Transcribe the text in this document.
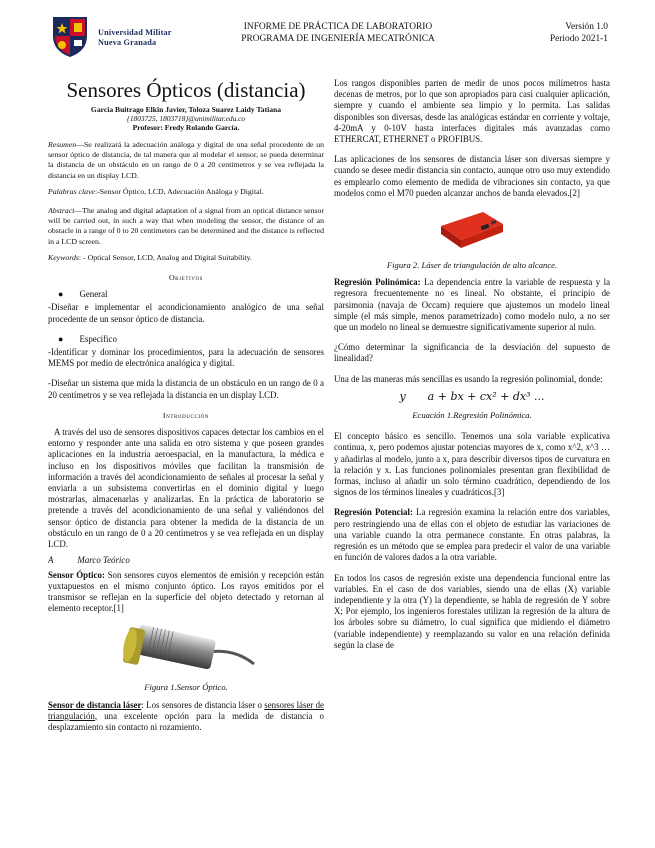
Universidad Militar
Nueva Granada
INFORME DE PRÁCTICA DE LABORATORIO
PROGRAMA DE INGENIERÍA MECATRÓNICA
Versión 1.0
Periodo 2021-1
Sensores Ópticos (distancia)
Garcia Buitrago Elkin Javier, Toloza Suarez Laidy Tatiana
{1803725, 1803718}@unimilitar.edu.co
Profesor: Fredy Rolando García.
Resumen—Se realizará la adecuación análoga y digital de una señal procedente de un sensor óptico de distancia, de tal manera que al modelar el sensor, se pueda determinar la distancia de un obstáculo en un rango de 0 a 20 centímetros y se vea reflejada la distancia en un display LCD.
Palabras clave:-Sensor Óptico, LCD, Adecuación Análoga y Digital.
Abstract—The analog and digital adaptation of a signal from an optical distance sensor will be carried out, in such a way that when modeling the sensor, the distance of an obstacle in a range of 0 to 20 centimeters can be determined and the distance is reflected in a LCD screen.
Keywords: - Optical Sensor, LCD, Analog and Digital Suitability.
Objetivos
● General

-Diseñar e implementar el acondicionamiento analógico de una señal procedente de un sensor óptico de distancia.

● Específico

-Identificar y dominar los procedimientos, para la adecuación de sensores MEMS por medio de electrónica analógica y digital.

-Diseñar un sistema que mida la distancia de un obstáculo en un rango de 0 a 20 centímetros y se vea reflejada la distancia en un display LCD.

Introducción

A través del uso de sensores dispositivos capaces detectar los cambios en el entorno y responder ante una salida en otro sistema y que poseen grandes aplicaciones en la industria aeroespacial, en la manufactura, la médica e incluso en los dispositivos móviles que facilitan la transmisión de información a través del acondicionamiento de señales al procesar la señal y enviarla a un subsistema convertirlas en el dominio digital y luego mostrarlas, almacenarlas y analizarlas. En la práctica de laboratorio se pretende a través del acondicionamiento de una señal y valiéndonos del sensor óptico de distancia para obtener la medida de la distancia de un obstáculo en un rango de 0 a 20 centímetros y se vea reflejada en un display LCD.

A	Marco Teórico

Sensor Óptico: Son sensores cuyos elementos de emisión y recepción están yuxtapuestos en el mismo conjunto óptico. Los rayos emitidos por el transmisor se reflejan en la superficie del objeto detectado y retornan al elemento receptor.[1]

Figura 1.Sensor Óptico.

Sensor de distancia láser: Los sensores de distancia láser o sensores láser de triangulación, una excelente opción para la medida de distancia o desplazamiento sin contacto ni rozamiento.

Los rangos disponibles parten de medir de unos pocos milímetros hasta decenas de metros, por lo que son apropiados para casi cualquier aplicación, siempre y cuando el ambiente sea limpio y lo permita. Las salidas disponibles son diversas, desde las analógicas estándar en corriente y voltaje, 4-20mA y 0-10V hasta interfaces digitales más avanzadas como ETHERCAT, ETHERNET o PROFIBUS.

Las aplicaciones de los sensores de distancia láser son diversas siempre y cuando se desee medir distancia sin contacto, aunque otro uso muy extendido es emplearlo como elemento de medida de vibraciones sin contacto, ya que modelos como el M70 pueden alcanzar anchos de banda elevados.[2]

Figura 2. Láser de triangulación de alto alcance.

Regresión Polinómica: La dependencia entre la variable de respuesta y la regresora frecuentemente no es lineal. No obstante, el principio de parsimonia (navaja de Occam) requiere que ajustemos un modelo lineal simple (el más simple, menos parametrizado) como modelo nulo, a no ser que un modelo no lineal se demuestre significativamente superior al nulo.

¿Cómo determinar la significancia de la desviación del supuesto de linealidad?

Una de las maneras más sencillas es usando la regresión polinomial, donde:

y a + bx + cx² + dx³ ...
Ecuación 1.Regresión Polinómica.

El concepto básico es sencillo. Tenemos una sola variable explicativa continua, x, pero podemos ajustar potencias mayores de x, como x^2, x^3 … y añadirlas al modelo, junto a x, para describir diversos tipos de curvatura en la relación y x. Las funciones polinomiales presentan gran flexibilidad de formas, incluso al añadir un solo término cuadrático, dependiendo de los signos de los términos lineales y cuadráticos.[3]

Regresión Potencial: La regresión examina la relación entre dos variables, pero restringiendo una de ellas con el objeto de estudiar las variaciones de una variable cuando la otra permanece constante. En otras palabras, la regresión es un método que se emplea para predecir el valor de una variable en función de valores dados a la otra variable.

En todos los casos de regresión existe una dependencia funcional entre las variables. En el caso de dos variables, siendo una de ellas (X) variable independiente y la otra (Y) la dependiente, se habla de regresión de Y sobre X; Por ejemplo, los ingenieros forestales utilizan la regresión de la altura de los árboles sobre su diámetro, lo cual significa que midiendo el diámetro (variable independiente) y reemplazando su valor en una relación definida según la clase de
